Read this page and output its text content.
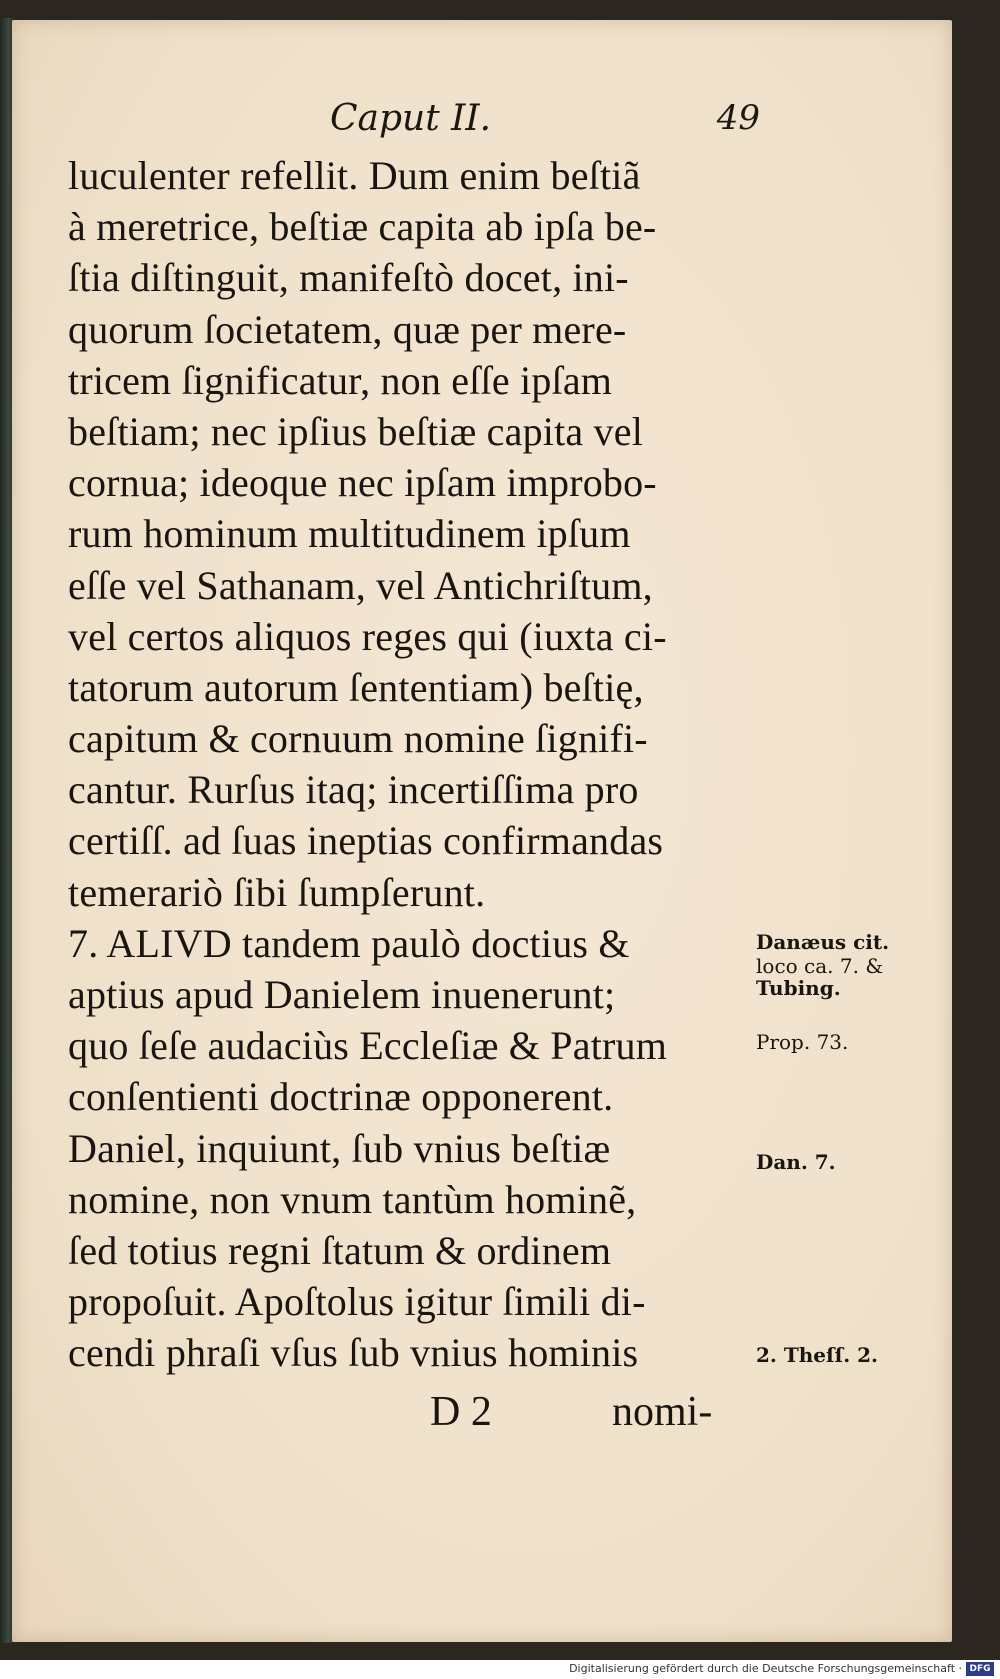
Caput II.	49
luculenter refellit. Dum enim beſtiã
à meretrice, beſtiæ capita ab ipſa be-
ſtia diſtinguit, manifeſtò docet, ini-
quorum ſocietatem, quæ per mere-
tricem ſignificatur, non eſſe ipſam
beſtiam; nec ipſius beſtiæ capita vel
cornua; ideoque nec ipſam improbo-
rum hominum multitudinem ipſum
eſſe vel Sathanam, vel Antichriſtum,
vel certos aliquos reges qui (iuxta ci-
tatorum autorum ſententiam) beſtię,
capitum & cornuum nomine ſignifi-
cantur. Rurſus itaq; incertiſſima pro
certiſſ. ad ſuas ineptias confirmandas
temerariò ſibi ſumpſerunt.
7. ALIVD tandem paulò doctius &
aptius apud Danielem inuenerunt;
quo ſeſe audaciùs Eccleſiæ & Patrum
conſentienti doctrinæ opponerent.
Daniel, inquiunt, ſub vnius beſtiæ
nomine, non vnum tantùm hominẽ,
ſed totius regni ſtatum & ordinem
propoſuit. Apoſtolus igitur ſimili di-
cendi phraſi vſus ſub vnius hominis
Danæus cit.
loco ca. 7. &
Tubing.
Prop. 73.
Dan. 7.
2. Theſſ. 2.
D 2	nomi-
Digitalisierung gefördert durch die Deutsche Forschungsgemeinschaft · DFG
